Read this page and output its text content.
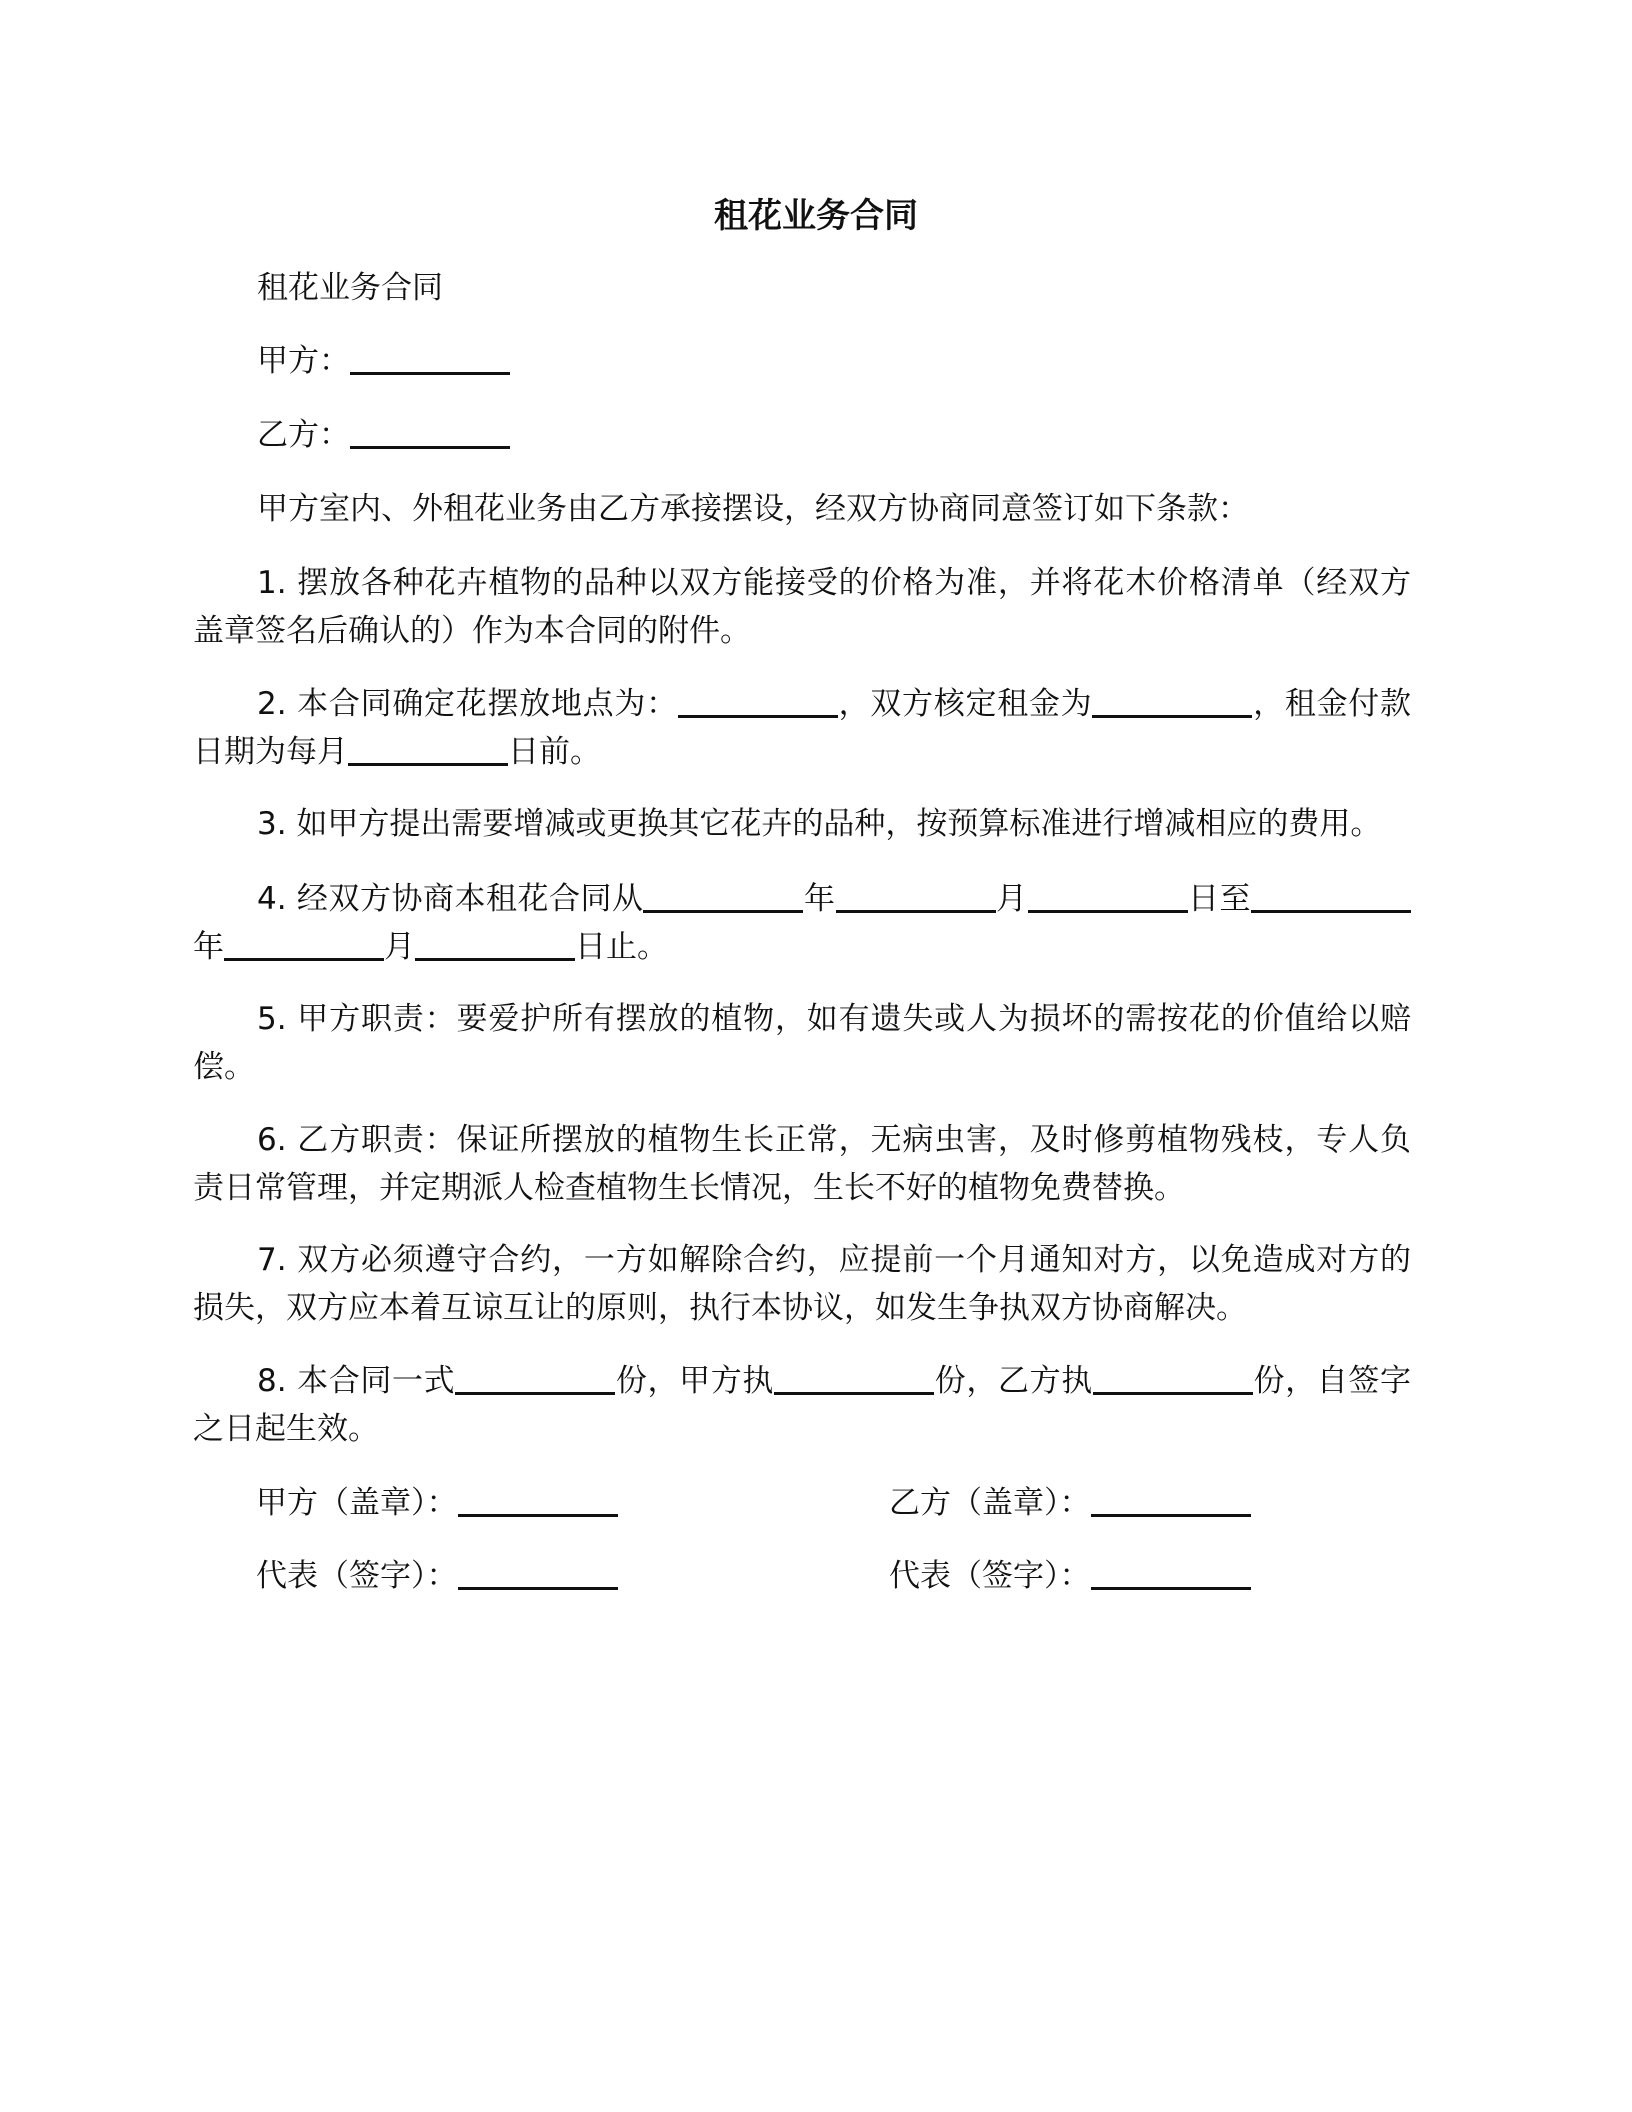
租花业务合同
租花业务合同
甲方：
乙方：
甲方室内、外租花业务由乙方承接摆设，经双方协商同意签订如下条款：
1. 摆放各种花卉植物的品种以双方能接受的价格为准，并将花木价格清单（经双方盖章签名后确认的）作为本合同的附件。
2. 本合同确定花摆放地点为：	，双方核定租金为	，租金付款日期为每月	日前。
3. 如甲方提出需要增减或更换其它花卉的品种，按预算标准进行增减相应的费用。
4. 经双方协商本租花合同从	年	月	日至年	月	日止。
5. 甲方职责：要爱护所有摆放的植物，如有遗失或人为损坏的需按花的价值给以赔偿。
6. 乙方职责：保证所摆放的植物生长正常，无病虫害，及时修剪植物残枝，专人负责日常管理，并定期派人检查植物生长情况，生长不好的植物免费替换。
7. 双方必须遵守合约，一方如解除合约，应提前一个月通知对方，以免造成对方的损失，双方应本着互谅互让的原则，执行本协议，如发生争执双方协商解决。
8. 本合同一式	份，甲方执	份，乙方执	份，自签字之日起生效。
甲方（盖章）：	乙方（盖章）：
代表（签字）：	代表（签字）：
